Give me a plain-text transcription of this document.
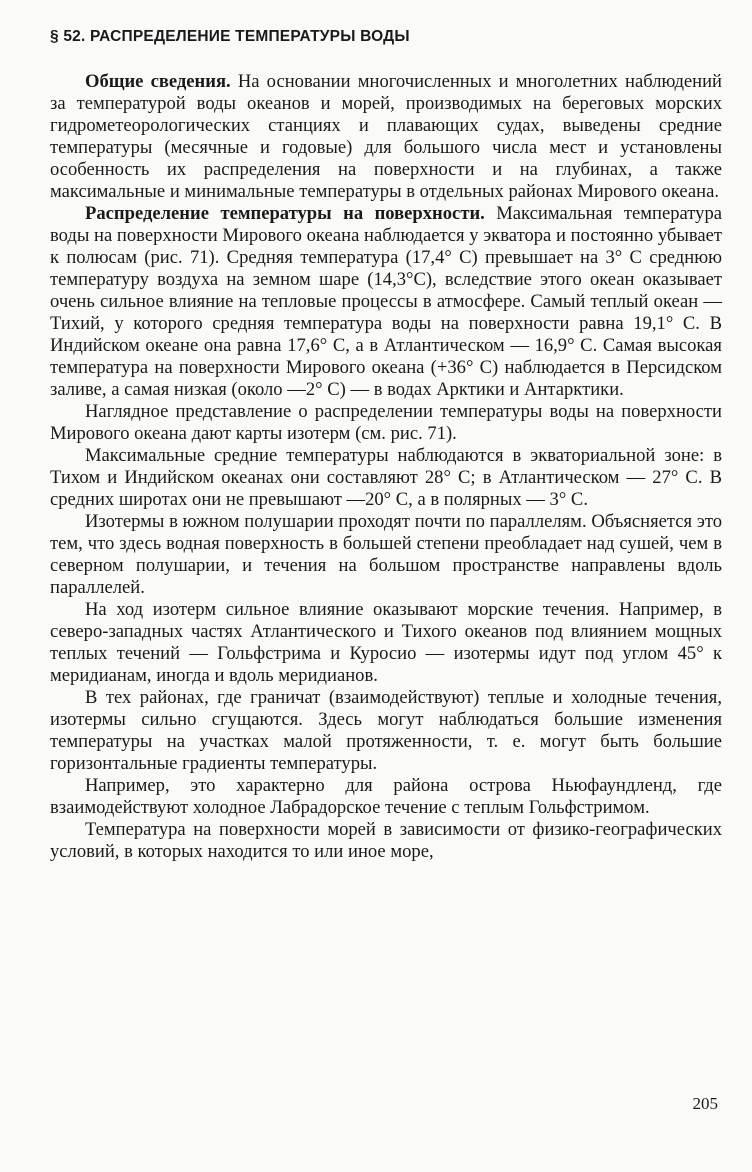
§ 52. РАСПРЕДЕЛЕНИЕ ТЕМПЕРАТУРЫ ВОДЫ

Общие сведения. На основании многочисленных и многолетних наблюдений за температурой воды океанов и морей, производимых на береговых морских гидрометеорологических станциях и плавающих судах, выведены средние температуры (месячные и годовые) для большого числа мест и установлены особенность их распределения на поверхности и на глубинах, а также максимальные и минимальные температуры в отдельных районах Мирового океана.

Распределение температуры на поверхности. Максимальная температура воды на поверхности Мирового океана наблюдается у экватора и постоянно убывает к полюсам (рис. 71). Средняя температура (17,4° С) превышает на 3° С среднюю температуру воздуха на земном шаре (14,3°С), вследствие этого океан оказывает очень сильное влияние на тепловые процессы в атмосфере. Самый теплый океан — Тихий, у которого средняя температура воды на поверхности равна 19,1° С. В Индийском океане она равна 17,6° С, а в Атлантическом — 16,9° С. Самая высокая температура на поверхности Мирового океана (+36° С) наблюдается в Персидском заливе, а самая низкая (около —2° С) — в водах Арктики и Антарктики.

Наглядное представление о распределении температуры воды на поверхности Мирового океана дают карты изотерм (см. рис. 71).

Максимальные средние температуры наблюдаются в экваториальной зоне: в Тихом и Индийском океанах они составляют 28° С; в Атлантическом — 27° С. В средних широтах они не превышают —20° С, а в полярных — 3° С.

Изотермы в южном полушарии проходят почти по параллелям. Объясняется это тем, что здесь водная поверхность в большей степени преобладает над сушей, чем в северном полушарии, и течения на большом пространстве направлены вдоль параллелей.

На ход изотерм сильное влияние оказывают морские течения. Например, в северо-западных частях Атлантического и Тихого океанов под влиянием мощных теплых течений — Гольфстрима и Куросио — изотермы идут под углом 45° к меридианам, иногда и вдоль меридианов.

В тех районах, где граничат (взаимодействуют) теплые и холодные течения, изотермы сильно сгущаются. Здесь могут наблюдаться большие изменения температуры на участках малой протяженности, т. е. могут быть большие горизонтальные градиенты температуры.

Например, это характерно для района острова Ньюфаундленд, где взаимодействуют холодное Лабрадорское течение с теплым Гольфстримом.

Температура на поверхности морей в зависимости от физико-географических условий, в которых находится то или иное море,

205
